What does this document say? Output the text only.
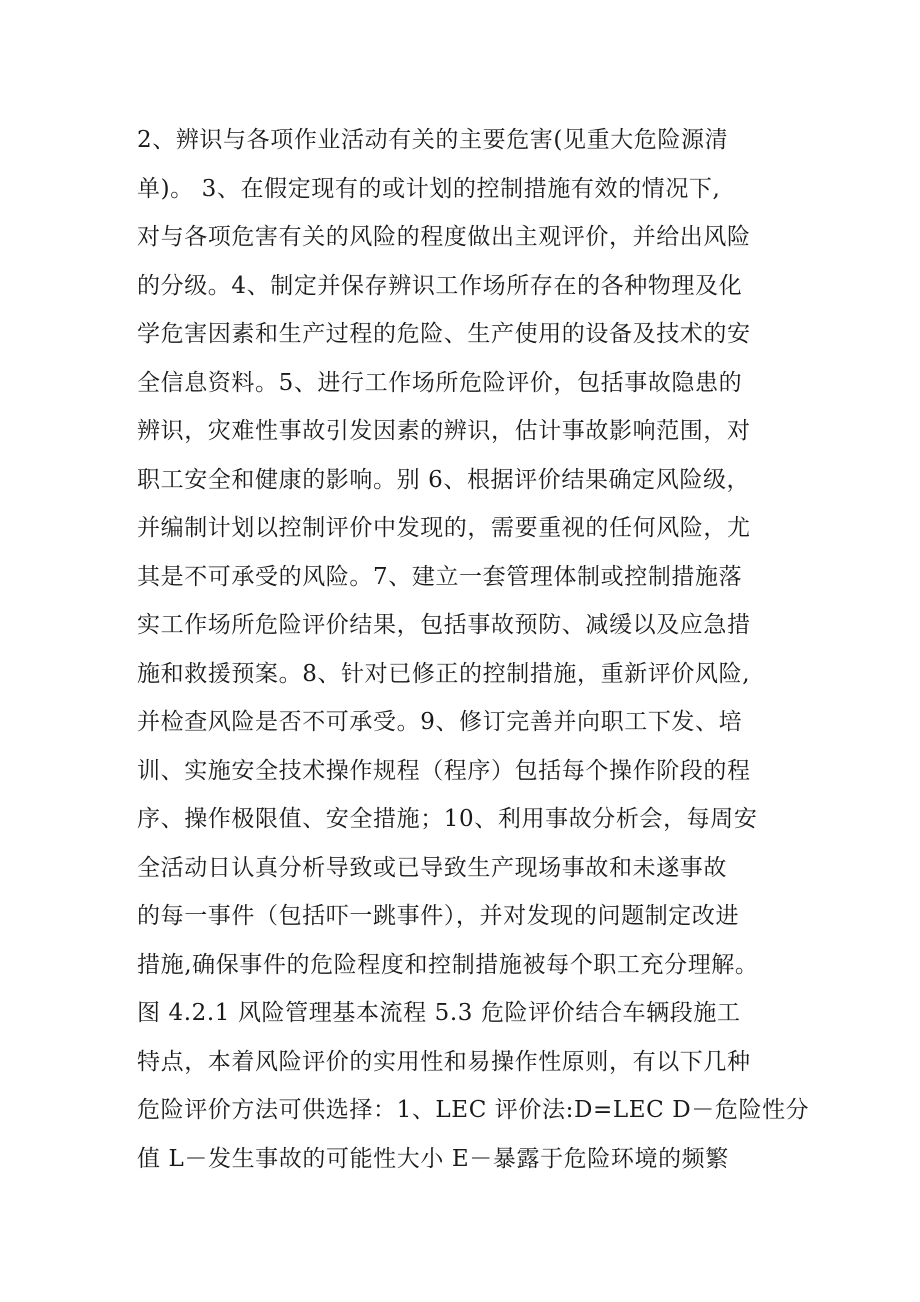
2、辨识与各项作业活动有关的主要危害(见重大危险源清
单)。 3、在假定现有的或计划的控制措施有效的情况下,
对与各项危害有关的风险的程度做出主观评价，并给出风险
的分级。4、制定并保存辨识工作场所存在的各种物理及化
学危害因素和生产过程的危险、生产使用的设备及技术的安
全信息资料。5、进行工作场所危险评价，包括事故隐患的
辨识，灾难性事故引发因素的辨识，估计事故影响范围，对
职工安全和健康的影响。别 6、根据评价结果确定风险级，
并编制计划以控制评价中发现的，需要重视的任何风险，尤
其是不可承受的风险。7、建立一套管理体制或控制措施落
实工作场所危险评价结果，包括事故预防、减缓以及应急措
施和救援预案。8、针对已修正的控制措施，重新评价风险,
并检查风险是否不可承受。9、修订完善并向职工下发、培
训、实施安全技术操作规程（程序）包括每个操作阶段的程
序、操作极限值、安全措施；10、利用事故分析会，每周安
全活动日认真分析导致或已导致生产现场事故和未遂事故
的每一事件（包括吓一跳事件），并对发现的问题制定改进
措施,确保事件的危险程度和控制措施被每个职工充分理解。
图 4.2.1 风险管理基本流程 5.3 危险评价结合车辆段施工
特点，本着风险评价的实用性和易操作性原则，有以下几种
危险评价方法可供选择：1、LEC 评价法:D=LEC D－危险性分
值 L－发生事故的可能性大小 E－暴露于危险环境的频繁
